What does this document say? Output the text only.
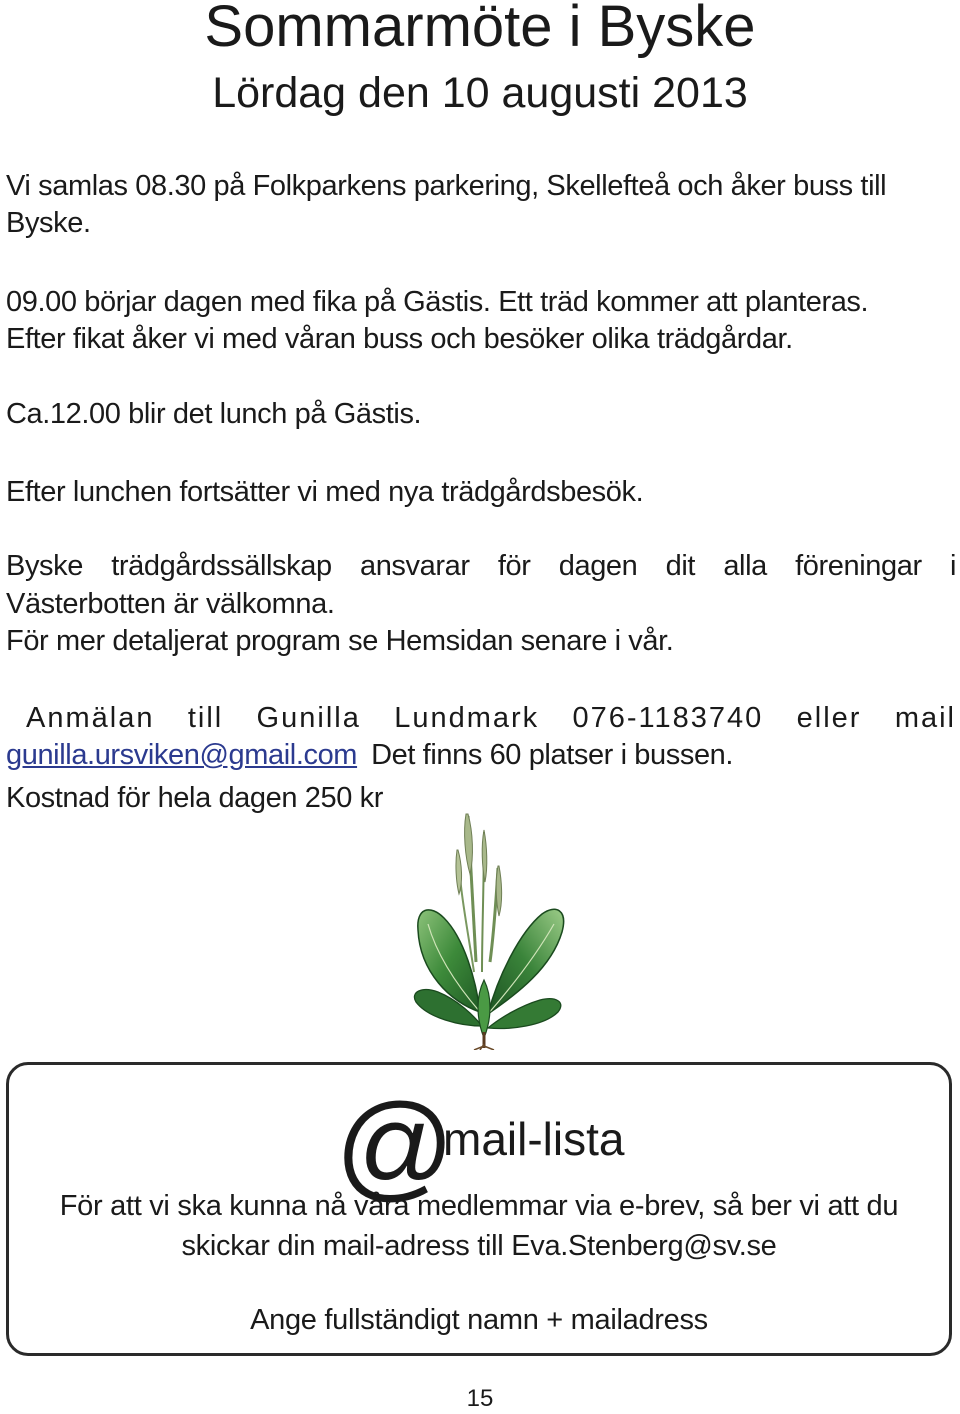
Sommarmöte i Byske
Lördag den 10 augusti 2013

Vi samlas 08.30 på Folkparkens parkering, Skellefteå och åker buss till
Byske.

09.00 börjar dagen med fika på Gästis. Ett träd kommer att planteras.
Efter fikat åker vi med våran buss och besöker olika trädgårdar.

Ca.12.00 blir det lunch på Gästis.

Efter lunchen fortsätter vi med nya trädgårdsbesök.

Byske trädgårdssällskap ansvarar för dagen dit alla föreningar i

Västerbotten är välkomna.

För mer detaljerat program se Hemsidan senare i vår.

Anmälan till Gunilla Lundmark 076-1183740 eller mail

gunilla.ursviken@gmail.com Det finns 60 platser i bussen.

Kostnad för hela dagen 250 kr

@
mail-lista
För att vi ska kunna nå våra medlemmar via e-brev, så ber vi att du
skickar din mail-adress till Eva.Stenberg@sv.se
Ange fullständigt namn + mailadress
15
